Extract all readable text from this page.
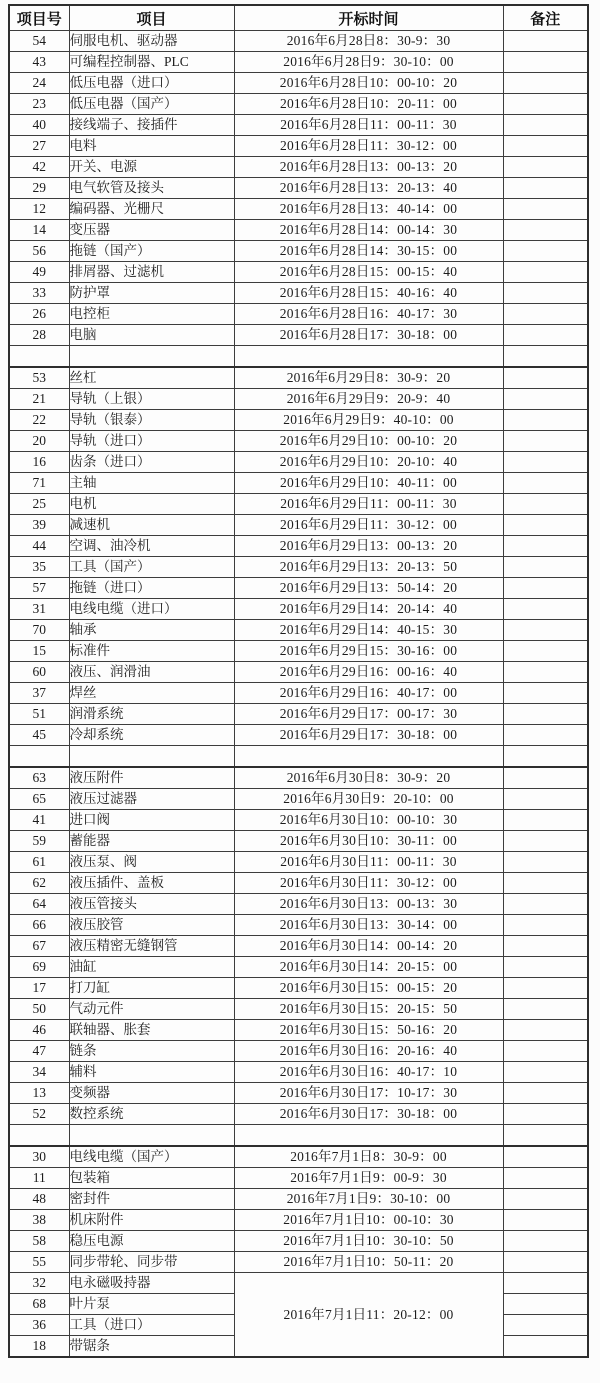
项目号	项目	开标时间	备注
54	伺服电机、驱动器	2016年6月28日8：30-9：30	
43	可编程控制器、PLC	2016年6月28日9：30-10：00	
24	低压电器（进口）	2016年6月28日10：00-10：20	
23	低压电器（国产）	2016年6月28日10：20-11：00	
40	接线端子、接插件	2016年6月28日11：00-11：30	
27	电料	2016年6月28日11：30-12：00	
42	开关、电源	2016年6月28日13：00-13：20	
29	电气软管及接头	2016年6月28日13：20-13：40	
12	编码器、光栅尺	2016年6月28日13：40-14：00	
14	变压器	2016年6月28日14：00-14：30	
56	拖链（国产）	2016年6月28日14：30-15：00	
49	排屑器、过滤机	2016年6月28日15：00-15：40	
33	防护罩	2016年6月28日15：40-16：40	
26	电控柜	2016年6月28日16：40-17：30	
28	电脑	2016年6月28日17：30-18：00	

53	丝杠	2016年6月29日8：30-9：20	
21	导轨（上银）	2016年6月29日9：20-9：40	
22	导轨（银泰）	2016年6月29日9：40-10：00	
20	导轨（进口）	2016年6月29日10：00-10：20	
16	齿条（进口）	2016年6月29日10：20-10：40	
71	主轴	2016年6月29日10：40-11：00	
25	电机	2016年6月29日11：00-11：30	
39	减速机	2016年6月29日11：30-12：00	
44	空调、油冷机	2016年6月29日13：00-13：20	
35	工具（国产）	2016年6月29日13：20-13：50	
57	拖链（进口）	2016年6月29日13：50-14：20	
31	电线电缆（进口）	2016年6月29日14：20-14：40	
70	轴承	2016年6月29日14：40-15：30	
15	标准件	2016年6月29日15：30-16：00	
60	液压、润滑油	2016年6月29日16：00-16：40	
37	焊丝	2016年6月29日16：40-17：00	
51	润滑系统	2016年6月29日17：00-17：30	
45	冷却系统	2016年6月29日17：30-18：00	

63	液压附件	2016年6月30日8：30-9：20	
65	液压过滤器	2016年6月30日9：20-10：00	
41	进口阀	2016年6月30日10：00-10：30	
59	蓄能器	2016年6月30日10：30-11：00	
61	液压泵、阀	2016年6月30日11：00-11：30	
62	液压插件、盖板	2016年6月30日11：30-12：00	
64	液压管接头	2016年6月30日13：00-13：30	
66	液压胶管	2016年6月30日13：30-14：00	
67	液压精密无缝钢管	2016年6月30日14：00-14：20	
69	油缸	2016年6月30日14：20-15：00	
17	打刀缸	2016年6月30日15：00-15：20	
50	气动元件	2016年6月30日15：20-15：50	
46	联轴器、胀套	2016年6月30日15：50-16：20	
47	链条	2016年6月30日16：20-16：40	
34	辅料	2016年6月30日16：40-17：10	
13	变频器	2016年6月30日17：10-17：30	
52	数控系统	2016年6月30日17：30-18：00	

30	电线电缆（国产）	2016年7月1日8：30-9：00	
11	包装箱	2016年7月1日9：00-9：30	
48	密封件	2016年7月1日9：30-10：00	
38	机床附件	2016年7月1日10：00-10：30	
58	稳压电源	2016年7月1日10：30-10：50	
55	同步带轮、同步带	2016年7月1日10：50-11：20	
32	电永磁吸持器	2016年7月1日11：20-12：00	
68	叶片泵		
36	工具（进口）		
18	带锯条		
